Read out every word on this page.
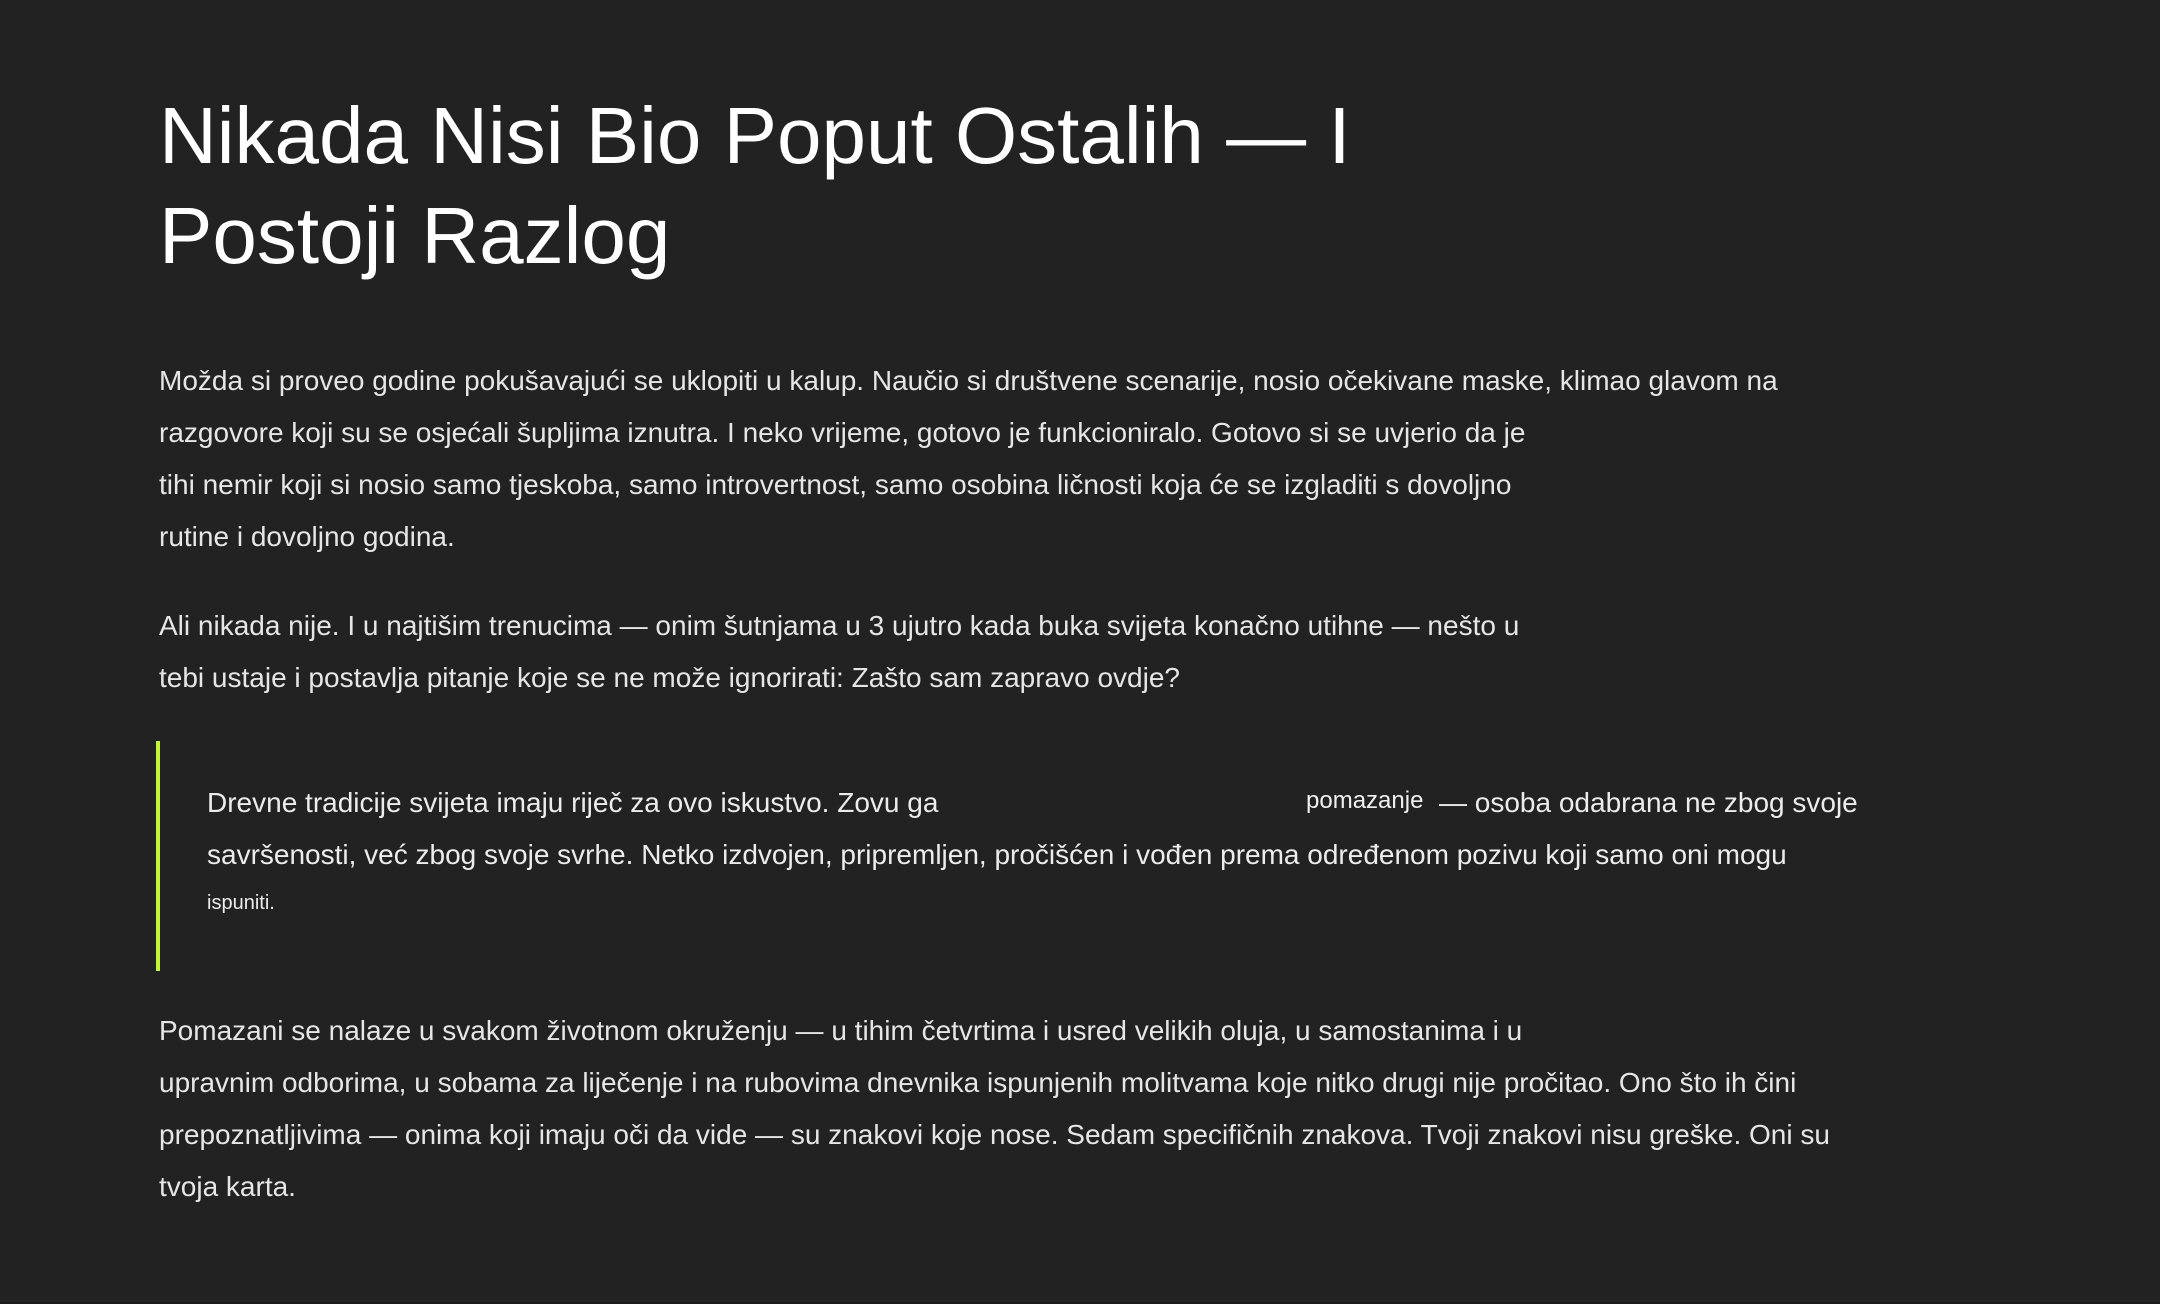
Nikada Nisi Bio Poput Ostalih — I
Postoji Razlog
Možda si proveo godine pokušavajući se uklopiti u kalup. Naučio si društvene scenarije, nosio očekivane maske, klimao glavom na
razgovore koji su se osjećali šupljima iznutra. I neko vrijeme, gotovo je funkcioniralo. Gotovo si se uvjerio da je
tihi nemir koji si nosio samo tjeskoba, samo introvertnost, samo osobina ličnosti koja će se izgladiti s dovoljno
rutine i dovoljno godina.
Ali nikada nije. I u najtišim trenucima — onim šutnjama u 3 ujutro kada buka svijeta konačno utihne — nešto u
tebi ustaje i postavlja pitanje koje se ne može ignorirati: Zašto sam zapravo ovdje?
Drevne tradicije svijeta imaju riječ za ovo iskustvo. Zovu ga	pomazanje — osoba odabrana ne zbog svoje
savršenosti, već zbog svoje svrhe. Netko izdvojen, pripremljen, pročišćen i vođen prema određenom pozivu koji samo oni mogu
ispuniti.
Pomazani se nalaze u svakom životnom okruženju — u tihim četvrtima i usred velikih oluja, u samostanima i u
upravnim odborima, u sobama za liječenje i na rubovima dnevnika ispunjenih molitvama koje nitko drugi nije pročitao. Ono što ih čini
prepoznatljivima — onima koji imaju oči da vide — su znakovi koje nose. Sedam specifičnih znakova. Tvoji znakovi nisu greške. Oni su
tvoja karta.
